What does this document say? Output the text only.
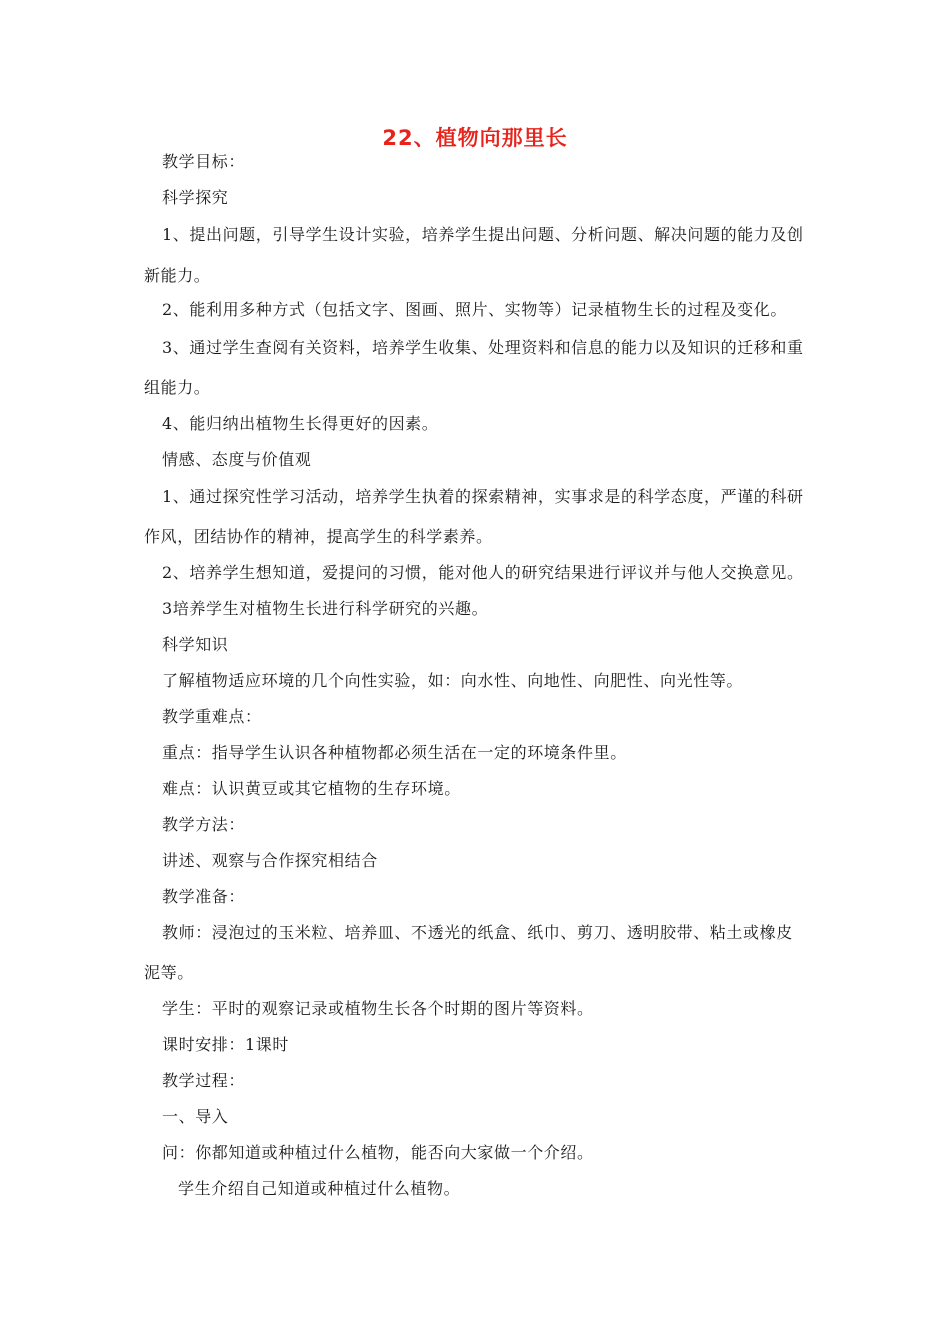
22、植物向那里长
教学目标：
科学探究
1、提出问题，引导学生设计实验，培养学生提出问题、分析问题、解决问题的能力及创
新能力。
2、能利用多种方式（包括文字、图画、照片、实物等）记录植物生长的过程及变化。
3、通过学生查阅有关资料，培养学生收集、处理资料和信息的能力以及知识的迁移和重
组能力。
4、能归纳出植物生长得更好的因素。
情感、态度与价值观
1、通过探究性学习活动，培养学生执着的探索精神，实事求是的科学态度，严谨的科研
作风，团结协作的精神，提高学生的科学素养。
2、培养学生想知道，爱提问的习惯，能对他人的研究结果进行评议并与他人交换意见。
3培养学生对植物生长进行科学研究的兴趣。
科学知识
了解植物适应环境的几个向性实验，如：向水性、向地性、向肥性、向光性等。
教学重难点：
重点：指导学生认识各种植物都必须生活在一定的环境条件里。
难点：认识黄豆或其它植物的生存环境。
教学方法：
讲述、观察与合作探究相结合
教学准备：
教师：浸泡过的玉米粒、培养皿、不透光的纸盒、纸巾、剪刀、透明胶带、粘土或橡皮
泥等。
学生：平时的观察记录或植物生长各个时期的图片等资料。
课时安排：1课时
教学过程：
一、导入
问：你都知道或种植过什么植物，能否向大家做一个介绍。
学生介绍自己知道或种植过什么植物。
